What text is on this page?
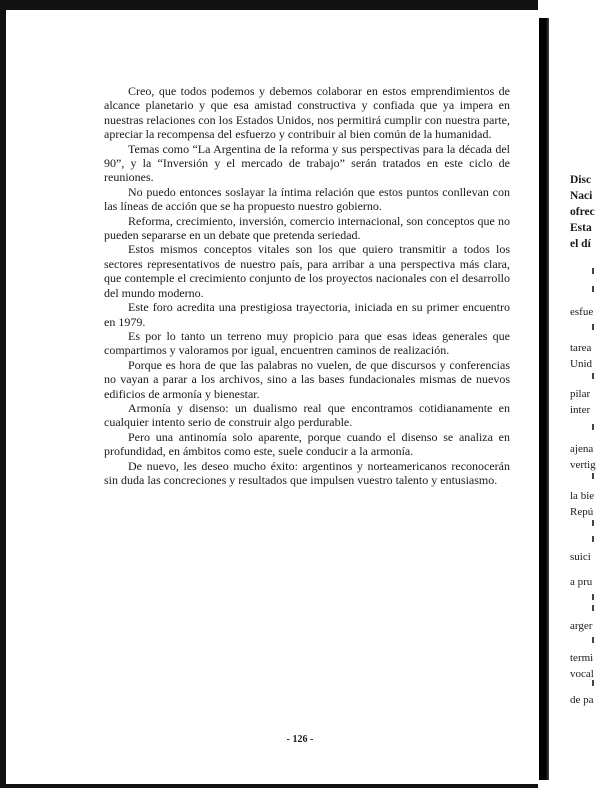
Creo, que todos podemos y debemos colaborar en estos emprendimientos de alcance planetario y que esa amistad constructiva y confiada que ya impera en nuestras relaciones con los Estados Unidos, nos permitirá cumplir con nuestra parte, apreciar la recompensa del esfuerzo y contribuir al bien común de la humanidad.

Temas como “La Argentina de la reforma y sus perspectivas para la década del 90”, y la “Inversión y el mercado de trabajo” serán tratados en este ciclo de reuniones.

No puedo entonces soslayar la íntima relación que estos puntos conllevan con las líneas de acción que se ha propuesto nuestro gobierno.

Reforma, crecimiento, inversión, comercio internacional, son conceptos que no pueden separarse en un debate que pretenda seriedad.

Estos mismos conceptos vitales son los que quiero transmitir a todos los sectores representativos de nuestro país, para arribar a una perspectiva más clara, que contemple el crecimiento conjunto de los proyectos nacionales con el desarrollo del mundo moderno.

Este foro acredita una prestigiosa trayectoria, iniciada en su primer encuentro en 1979.

Es por lo tanto un terreno muy propicio para que esas ideas generales que compartimos y valoramos por igual, encuentren caminos de realización.

Porque es hora de que las palabras no vuelen, de que discursos y conferencias no vayan a parar a los archivos, sino a las bases fundacionales mismas de nuevos edificios de armonía y bienestar.

Armonía y disenso: un dualismo real que encontramos cotidianamente en cualquier intento serio de construir algo perdurable.

Pero una antinomía solo aparente, porque cuando el disenso se analiza en profundidad, en ámbitos como este, suele conducir a la armonía.

De nuevo, les deseo mucho éxito: argentinos y norteamericanos reconocerán sin duda las concreciones y resultados que impulsen vuestro talento y entusiasmo.

- 126 -
Disc
Naci
ofrec
Esta
el dí
esfue
tarea
Unid
pilar
inter
ajena
vertig
la bie
Repú
suici
a pru
arger
termi
vocal
de pa
